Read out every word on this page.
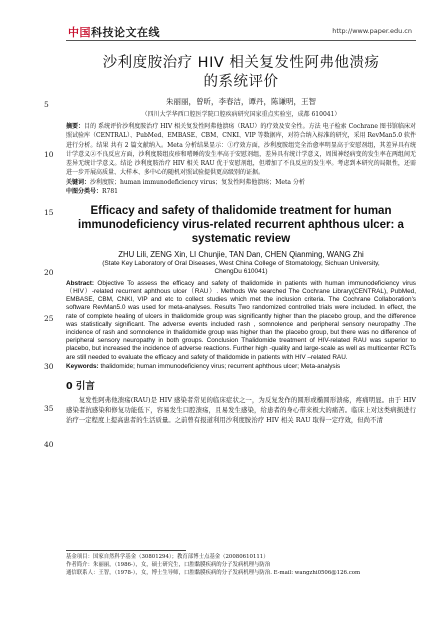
中国科技论文在线	http://www.paper.edu.cn
沙利度胺治疗 HIV 相关复发性阿弗他溃疡
的系统评价
朱丽丽，曾昕，李春洁，谭丹，陈谦明，王智
（四川大学华西口腔医学院口腔疾病研究国家重点实验室，成都 610041）
摘要：目的 系统评价沙利度胺治疗 HIV 相关复发性阿弗他溃疡（RAU）的疗效及安全性。方法 电子检索 Cochrane 图书馆临床对照试验库（CENTRAL）、PubMed、EMBASE、CBM、CNKI、VIP 等数据库，对符合纳入标准的研究，采用 RevMan5.0 软件进行分析。结果 共有 2 篇文献纳入。Meta 分析结果显示：①疗效方面，沙利度胺组完全治愈率明显高于安慰剂组，其差异具有统计学意义②不良反应方面，沙利度胺组皮疹和嗜睡的发生率高于安慰剂组，差异具有统计学意义，周围神经病变的发生率在两组间无差异无统计学意义。结论 沙利度胺治疗 HIV 相关 RAU 优于安慰剂组，但增加了不良反应的发生率。考虑到本研究的局限性，还需进一步开展高质量、大样本、多中心的随机对照试验提供更高级别的证据。
关键词：沙利度胺；human immunodeficiency virus；复发性阿弗他溃疡；Meta 分析
中图分类号：R781
Efficacy and safety of thalidomide treatment for human
immunodeficiency virus-related recurrent aphthous ulcer: a
systematic review
ZHU Lili, ZENG Xin, LI Chunjie, TAN Dan, CHEN Qianming, WANG Zhi
(State Key Laboratory of Oral Diseases, West China College of Stomatology, Sichuan University,
ChengDu 610041)
Abstract: Objective To assess the efficacy and safety of thalidomide in patients with human immunodeficiency virus（HIV）-related recurrent aphthous ulcer（RAU）. Methods We searched The Cochrane Library(CENTRAL), PubMed, EMBASE, CBM, CNKI, VIP and etc to collect studies which met the inclusion criteria. The Cochrane Collaboration's software RevMan5.0 was used for meta-analyses. Results Two randomized controlled trials were included. In effect, the rate of complete healing of ulcers in thalidomide group was significantly higher than the placebo group, and the difference was statistically significant. The adverse events included rash , somnolence and peripheral sensory neuropathy .The incidence of rash and somnolence in thalidomide group was higher than the placebo group, but there was no difference of peripheral sensory neuropathy in both groups. Conclusion Thalidomide treatment of HIV-related RAU was superior to placebo, but increased the incidence of adverse reactions. Further high -quality and large-scale as well as multicenter RCTs are still needed to evaluate the efficacy and safety of thalidomide in patients with HIV –related RAU.
Keywords: thalidomide; human immunodeficiency virus; recurrent aphthous ulcer; Meta-analysis
0 引言
复发性阿弗他溃疡(RAU)是 HIV 感染者常见的临床症状之一，为反复发作的圆形或椭圆形溃疡，疼痛明显。由于 HIV 感染者抗感染和修复功能低下，容易发生口腔溃疡，且易发生感染，给患者的身心带来极大的痛苦。临床上对这类病损进行治疗一定程度上提高患者的生活质量。之前曾有报道利用沙利度胺治疗 HIV 相关 RAU 取得一定疗效，但尚不清
基金项目：国家自然科学基金（30801294）；教育部博士点基金（20080610111）
作者简介：朱丽丽，（1986-），女，硕士研究生，口腔黏膜疾病的分子发病机理与防治
通信联系人：王智，（1978-），女，博士生导师，口腔黏膜疾病的分子发病机理与防治. E-mail: wangzhi0506@126.com
5
10
15
20
25
30
35
40
